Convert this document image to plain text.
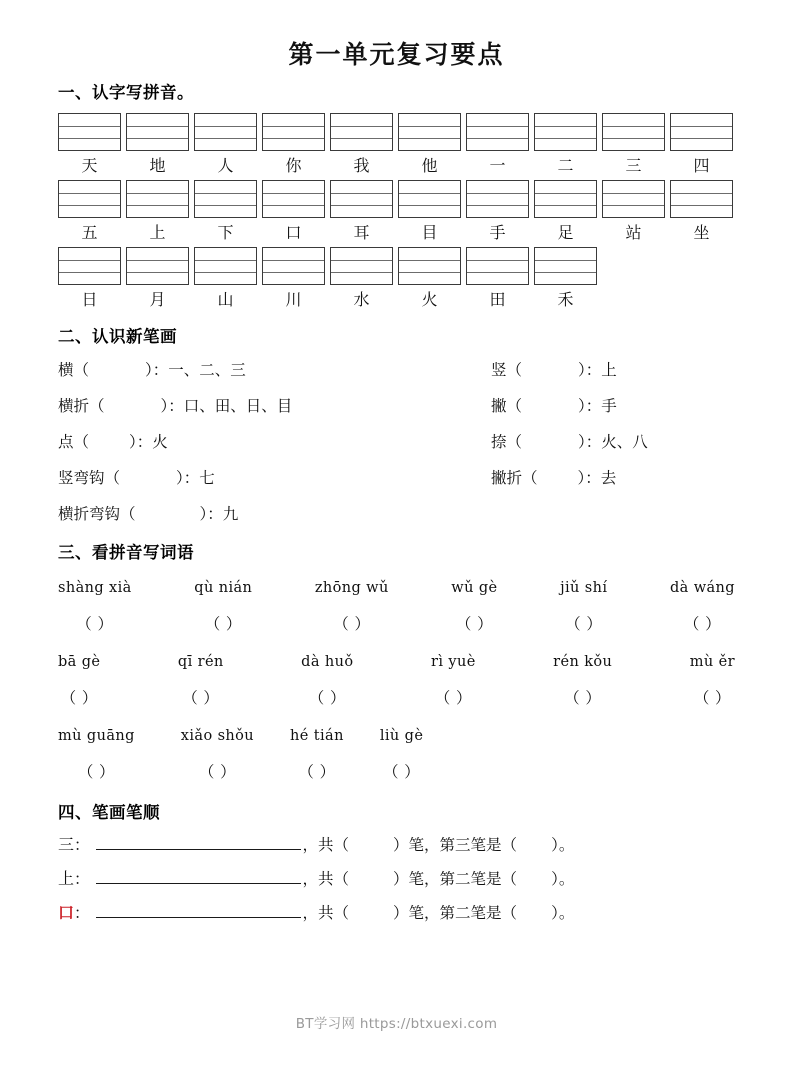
第一单元复习要点
一、认字写拼音。
天	地	人	你	我	他	一	二	三	四
五	上	下	口	耳	目	手	足	站	坐
日	月	山	川	水	火	田	禾
二、认识新笔画
横（	）：一、二、三	竖（	）：上
横折（	）：口、田、日、目	撇（	）：手
点（	）：火	捺（	）：火、八
竖弯钩（	）：七	撇折（	）：去
横折弯钩（	）：九
三、看拼音写词语
shàng xià
（ ）
qù nián
（ ）
zhōng wǔ
（ ）
wǔ gè
（ ）
jiǔ shí
（ ）
dà wáng
（ ）
bā gè
（ ）
qī rén
（ ）
dà huǒ
（ ）
rì yuè
（ ）
rén kǒu
（ ）
mù ěr
（ ）
mù guāng
（ ）
xiǎo shǒu
（ ）
hé tián
（ ）
liù gè
（ ）
四、笔画笔顺
三 ：	，共（	）笔，第三笔是（ ）。
上 ：	，共（	）笔，第二笔是（ ）。
口 ：	，共（	）笔，第二笔是（ ）。
BT学习网 https://btxuexi.com
